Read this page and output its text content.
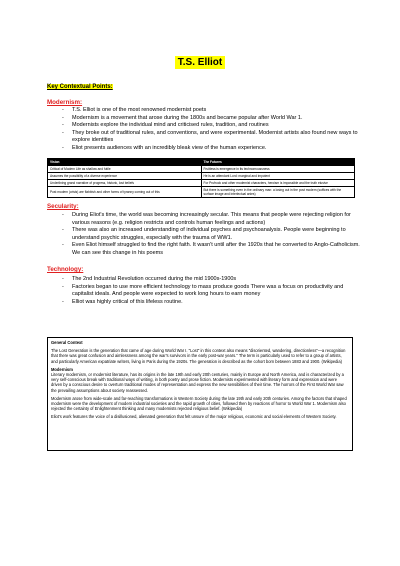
T.S. Elliot
Key Contextual Points:
Modernism:
- T.S. Elliot is one of the most renowned modernist poets
- Modernism is a movement that arose during the 1800s and became popular after World War 1.
- Modernists explore the individual mind and criticised rules, tradition, and routines
- They broke out of traditional rules, and conventions, and were experimental. Modernist artists also found new ways to explore identities
- Eliot presents audiences with an incredibly bleak view of the human experience.
Vision	The Futures
Critical of Modern Life as shallow and futile	Fruitless is emergence in its technomoussness
Assumes the possibility of a diverse experience	He is an attendant Lord: marginal and impotent
Underlining grand narrative of progress, historic, lost beliefs	For Prufrock and other modernist characters, heroism is impossible and the truth elusive
Post modern (crisis) are flabbish and other forms of tyranny coming out of this	But there is something even in the ordinary man: a losing out in the post modern (suffices with the surface image and interlectual anies)
Secularity:
- During Eliot's time, the world was becoming increasingly secular. This means that people were rejecting religion for various reasons (e.g. religion restricts and controls human feelings and actions)
- There was also an increased understanding of individual psyches and psychoanalysis. People were beginning to understand psychic struggles, especially with the trauma of WW1.
- Even Eliot himself struggled to find the right faith. It wasn't until after the 1920s that he converted to Anglo-Catholicism. We can see this change in his poems
Technology:
- The 2nd Industrial Revolution occurred during the mid 1900s-1900s
- Factories began to use more efficient technology to mass produce goods There was a focus on productivity and capitalist ideals. And people were expected to work long hours to earn money
- Elliot was highly critical of this lifeless routine.

General Context

The Lost Generation is the generation that came of age during World War I. "Lost" in this context also means "disoriented, wandering, directionless"—a recognition that there was great confusion and aimlessness among the war's survivors in the early post-war years." The term is particularly used to refer to a group of artists, and particularly American expatriate writers, living in Paris during the 1920s. The generation is described as the cohort born between 1883 and 1900. (Wikipedia)

Modernism

Literary modernism, or modernist literature, has its origins in the late 19th and early 20th centuries, mainly in Europe and North America, and is characterized by a very self-conscious break with traditional ways of writing, in both poetry and prose fiction. Modernists experimented with literary form and expression and were driven by a conscious desire to overturn traditional modes of representation and express the new sensibilities of their time. The horrors of the First World War saw the prevailing assumptions about society reassessed.

Modernism arose from wide-scale and far-reaching transformations in Western Society during the late 19th and early 20th centuries. Among the factors that shaped modernism were the development of modern industrial societies and the rapid growth of cities, followed then by reactions of horror to World War 1. Modernism also rejected the certainty of Enlightenment thinking and many modernists rejected religious belief. (Wikipedia)

Eliot's work features the voice of a disillusioned, alienated generation that felt unsure of the major religious, economic and social elements of Western Society.
